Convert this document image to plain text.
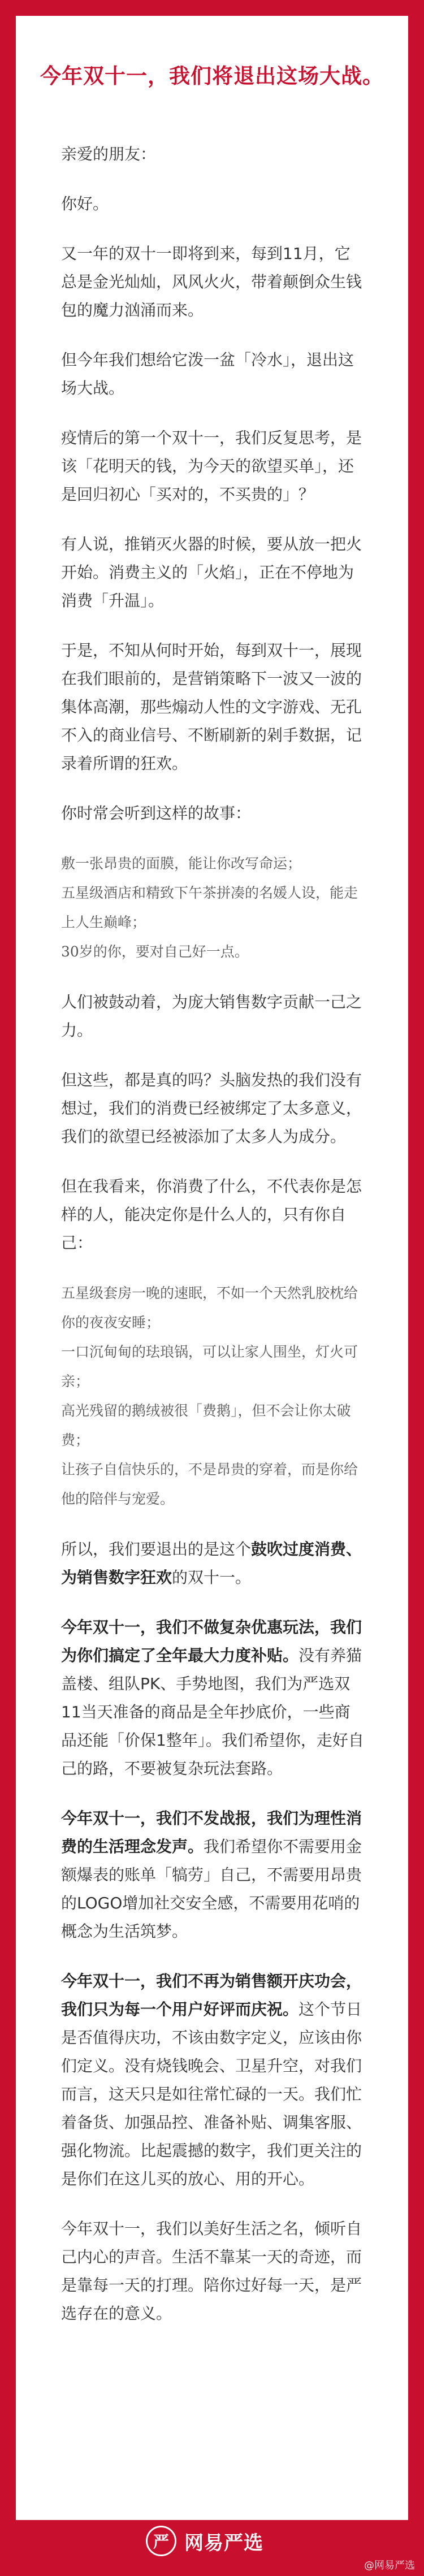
今年双十一，我们将退出这场大战。

亲爱的朋友：

你好。

又一年的双十一即将到来，每到11月，它总是金光灿灿，风风火火，带着颠倒众生钱包的魔力汹涌而来。

但今年我们想给它泼一盆「冷水」，退出这场大战。

疫情后的第一个双十一，我们反复思考，是该「花明天的钱，为今天的欲望买单」，还是回归初心「买对的，不买贵的」？

有人说，推销灭火器的时候，要从放一把火开始。消费主义的「火焰」，正在不停地为消费「升温」。

于是，不知从何时开始，每到双十一，展现在我们眼前的，是营销策略下一波又一波的集体高潮，那些煽动人性的文字游戏、无孔不入的商业信号、不断刷新的剁手数据，记录着所谓的狂欢。

你时常会听到这样的故事：

敷一张昂贵的面膜，能让你改写命运；
五星级酒店和精致下午茶拼凑的名媛人设，能走上人生巅峰；
30岁的你，要对自己好一点。

人们被鼓动着，为庞大销售数字贡献一己之力。

但这些，都是真的吗？头脑发热的我们没有想过，我们的消费已经被绑定了太多意义，我们的欲望已经被添加了太多人为成分。

但在我看来，你消费了什么，不代表你是怎样的人，能决定你是什么人的，只有你自己：

五星级套房一晚的速眠，不如一个天然乳胶枕给你的夜夜安睡；
一口沉甸甸的珐琅锅，可以让家人围坐，灯火可亲；
高光残留的鹅绒被很「费鹅」，但不会让你太破费；
让孩子自信快乐的，不是昂贵的穿着，而是你给他的陪伴与宠爱。

所以，我们要退出的是这个鼓吹过度消费、为销售数字狂欢的双十一。

今年双十一，我们不做复杂优惠玩法，我们为你们搞定了全年最大力度补贴。没有养猫盖楼、组队PK、手势地图，我们为严选双11当天准备的商品是全年抄底价，一些商品还能「价保1整年」。我们希望你，走好自己的路，不要被复杂玩法套路。

今年双十一，我们不发战报，我们为理性消费的生活理念发声。我们希望你不需要用金额爆表的账单「犒劳」自己，不需要用昂贵的LOGO增加社交安全感，不需要用花哨的概念为生活筑梦。

今年双十一，我们不再为销售额开庆功会，我们只为每一个用户好评而庆祝。这个节日是否值得庆功，不该由数字定义，应该由你们定义。没有烧钱晚会、卫星升空，对我们而言，这天只是如往常忙碌的一天。我们忙着备货、加强品控、准备补贴、调集客服、强化物流。比起震撼的数字，我们更关注的是你们在这儿买的放心、用的开心。

今年双十一，我们以美好生活之名，倾听自己内心的声音。生活不靠某一天的奇迹，而是靠每一天的打理。陪你过好每一天，是严选存在的意义。

严 网易严选
@网易严选
